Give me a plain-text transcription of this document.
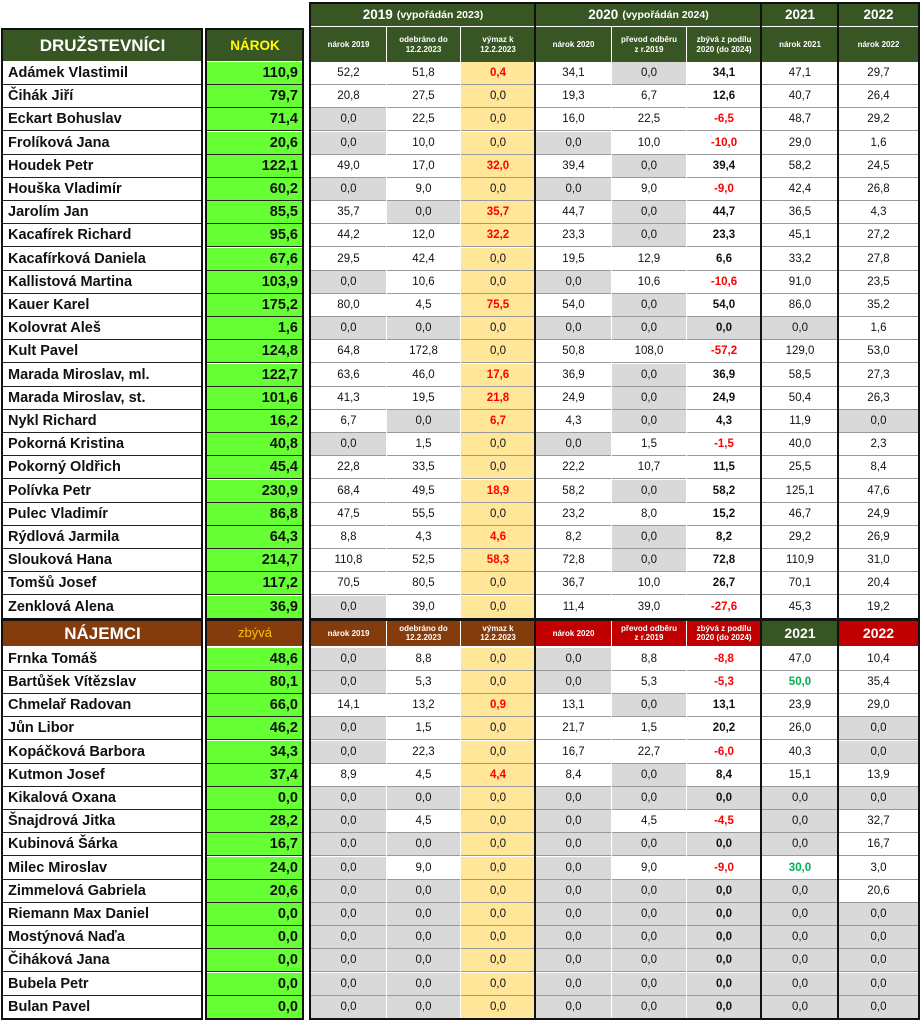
2019 (vypořádán 2023)	2020 (vypořádán 2024)	2021	2022
DRUŽSTEVNÍCI	NÁROK	nárok 2019
odebráno do
12.2.2023
výmaz k
12.2.2023
nárok 2020
převod odběru
z r.2019
zbývá z podílu
2020 (do 2024)
nárok 2021	nárok 2022
Adámek Vlastimil	110,9	52,2	51,8	0,4	34,1	0,0	34,1	47,1	29,7
Čihák Jiří	79,7	20,8	27,5	0,0	19,3	6,7	12,6	40,7	26,4
Eckart Bohuslav	71,4	0,0	22,5	0,0	16,0	22,5	-6,5	48,7	29,2
Frolíková Jana	20,6	0,0	10,0	0,0	0,0	10,0	-10,0	29,0	1,6
Houdek Petr	122,1	49,0	17,0	32,0	39,4	0,0	39,4	58,2	24,5
Houška Vladimír	60,2	0,0	9,0	0,0	0,0	9,0	-9,0	42,4	26,8
Jarolím Jan	85,5	35,7	0,0	35,7	44,7	0,0	44,7	36,5	4,3
Kacafírek Richard	95,6	44,2	12,0	32,2	23,3	0,0	23,3	45,1	27,2
Kacafírková Daniela	67,6	29,5	42,4	0,0	19,5	12,9	6,6	33,2	27,8
Kallistová Martina	103,9	0,0	10,6	0,0	0,0	10,6	-10,6	91,0	23,5
Kauer Karel	175,2	80,0	4,5	75,5	54,0	0,0	54,0	86,0	35,2
Kolovrat Aleš	1,6	0,0	0,0	0,0	0,0	0,0	0,0	0,0	1,6
Kult Pavel	124,8	64,8	172,8	0,0	50,8	108,0	-57,2	129,0	53,0
Marada Miroslav, ml.	122,7	63,6	46,0	17,6	36,9	0,0	36,9	58,5	27,3
Marada Miroslav, st.	101,6	41,3	19,5	21,8	24,9	0,0	24,9	50,4	26,3
Nykl Richard	16,2	6,7	0,0	6,7	4,3	0,0	4,3	11,9	0,0
Pokorná Kristina	40,8	0,0	1,5	0,0	0,0	1,5	-1,5	40,0	2,3
Pokorný Oldřich	45,4	22,8	33,5	0,0	22,2	10,7	11,5	25,5	8,4
Polívka Petr	230,9	68,4	49,5	18,9	58,2	0,0	58,2	125,1	47,6
Pulec Vladimír	86,8	47,5	55,5	0,0	23,2	8,0	15,2	46,7	24,9
Rýdlová Jarmila	64,3	8,8	4,3	4,6	8,2	0,0	8,2	29,2	26,9
Slouková Hana	214,7	110,8	52,5	58,3	72,8	0,0	72,8	110,9	31,0
Tomšů Josef	117,2	70,5	80,5	0,0	36,7	10,0	26,7	70,1	20,4
Zenklová Alena	36,9	0,0	39,0	0,0	11,4	39,0	-27,6	45,3	19,2
NÁJEMCI	zbývá	nárok 2019
odebráno do
12.2.2023
výmaz k
12.2.2023
nárok 2020
převod odběru
z r.2019
zbývá z podílu
2020 (do 2024)	2021	2022
Frnka Tomáš	48,6	0,0	8,8	0,0	0,0	8,8	-8,8	47,0	10,4
Bartůšek Vítězslav	80,1	0,0	5,3	0,0	0,0	5,3	-5,3	50,0	35,4
Chmelař Radovan	66,0	14,1	13,2	0,9	13,1	0,0	13,1	23,9	29,0
Jůn Libor	46,2	0,0	1,5	0,0	21,7	1,5	20,2	26,0	0,0
Kopáčková Barbora	34,3	0,0	22,3	0,0	16,7	22,7	-6,0	40,3	0,0
Kutmon Josef	37,4	8,9	4,5	4,4	8,4	0,0	8,4	15,1	13,9
Kikalová Oxana	0,0	0,0	0,0	0,0	0,0	0,0	0,0	0,0	0,0
Šnajdrová Jitka	28,2	0,0	4,5	0,0	0,0	4,5	-4,5	0,0	32,7
Kubinová Šárka	16,7	0,0	0,0	0,0	0,0	0,0	0,0	0,0	16,7
Milec Miroslav	24,0	0,0	9,0	0,0	0,0	9,0	-9,0	30,0	3,0
Zimmelová Gabriela	20,6	0,0	0,0	0,0	0,0	0,0	0,0	0,0	20,6
Riemann Max Daniel	0,0	0,0	0,0	0,0	0,0	0,0	0,0	0,0	0,0
Mostýnová Naďa	0,0	0,0	0,0	0,0	0,0	0,0	0,0	0,0	0,0
Čiháková Jana	0,0	0,0	0,0	0,0	0,0	0,0	0,0	0,0	0,0
Bubela Petr	0,0	0,0	0,0	0,0	0,0	0,0	0,0	0,0	0,0
Bulan Pavel	0,0	0,0	0,0	0,0	0,0	0,0	0,0	0,0	0,0
